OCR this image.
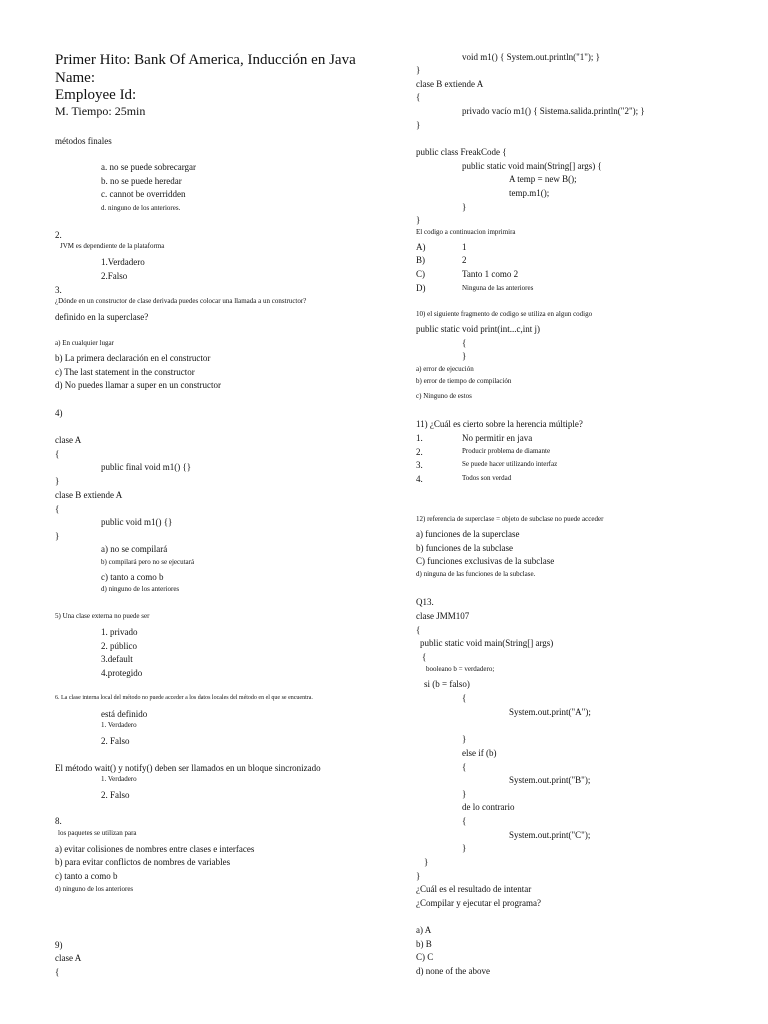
Primer Hito: Bank Of America, Inducción en Java
Name:
Employee Id:
M. Tiempo: 25min
métodos finales
a. no se puede sobrecargar
b. no se puede heredar
c. cannot be overridden
d. ninguno de los anteriores.
2.
JVM es dependiente de la plataforma
1.Verdadero
2.Falso
3.
¿Dónde en un constructor de clase derivada puedes colocar una llamada a un constructor?
definido en la superclase?
a) En cualquier lugar
b) La primera declaración en el constructor
c) The last statement in the constructor
d) No puedes llamar a super en un constructor
4)
clase A
{
public final void m1() {}
}
clase B extiende A
{
public void m1() {}
}
a) no se compilará
b) compilará pero no se ejecutará
c) tanto a como b
d) ninguno de los anteriores
5) Una clase externa no puede ser
1. privado
2. público
3.default
4.protegido
6. La clase interna local del método no puede acceder a los datos locales del método en el que se encuentra.
está definido
1. Verdadero
2. Falso
El método wait() y notify() deben ser llamados en un bloque sincronizado
1. Verdadero
2. Falso
8.
los paquetes se utilizan para
a) evitar colisiones de nombres entre clases e interfaces
b) para evitar conflictos de nombres de variables
c) tanto a como b
d) ninguno de los anteriores
9)
clase A
{
void m1() { System.out.println("1"); }
}
clase B extiende A
{
privado vacío m1() { Sistema.salida.println("2"); }
}
public class FreakCode {
public static void main(String[] args) {
A temp = new B();
temp.m1();
}
}
El codigo a continuacion imprimira
A)	1
B)	2
C)	Tanto 1 como 2
D)	Ninguna de las anteriores
10) el siguiente fragmento de codigo se utiliza en algun codigo
public static void print(int...c,int j)
{
}
a) error de ejecución
b) error de tiempo de compilación
c) Ninguno de estos
11) ¿Cuál es cierto sobre la herencia múltiple?
1.	No permitir en java
2.	Producir problema de diamante
3.	Se puede hacer utilizando interfaz
4.	Todos son verdad
12) referencia de superclase = objeto de subclase no puede acceder
a) funciones de la superclase
b) funciones de la subclase
C) funciones exclusivas de la subclase
d) ninguna de las funciones de la subclase.
Q13.
clase JMM107
{
public static void main(String[] args)
{
booleano b = verdadero;
si (b = falso)
{
System.out.print("A");
}
else if (b)
{
System.out.print("B");
}
de lo contrario
{
System.out.print("C");
}
}
}
¿Cuál es el resultado de intentar
¿Compilar y ejecutar el programa?
a) A
b) B
C) C
d) none of the above
